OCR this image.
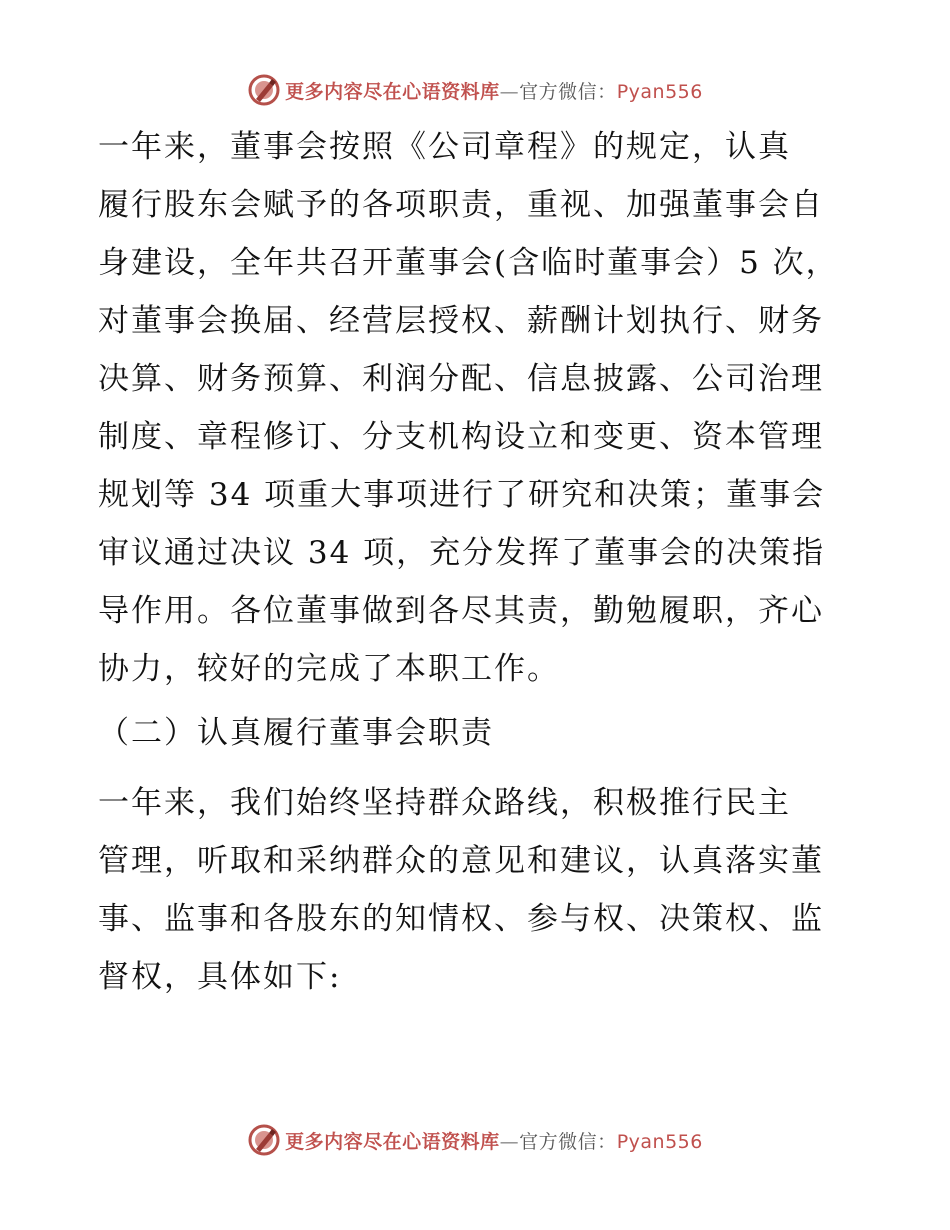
更多内容尽在心语资料库—官方微信：Pyan556
一年来，董事会按照《公司章程》的规定，认真
履行股东会赋予的各项职责，重视、加强董事会自
身建设，全年共召开董事会(含临时董事会）5 次，
对董事会换届、经营层授权、薪酬计划执行、财务
决算、财务预算、利润分配、信息披露、公司治理
制度、章程修订、分支机构设立和变更、资本管理
规划等 34 项重大事项进行了研究和决策；董事会
审议通过决议 34 项，充分发挥了董事会的决策指
导作用。各位董事做到各尽其责，勤勉履职，齐心
协力，较好的完成了本职工作。
（二）认真履行董事会职责
一年来，我们始终坚持群众路线，积极推行民主
管理，听取和采纳群众的意见和建议，认真落实董
事、监事和各股东的知情权、参与权、决策权、监
督权，具体如下:
更多内容尽在心语资料库—官方微信：Pyan556
